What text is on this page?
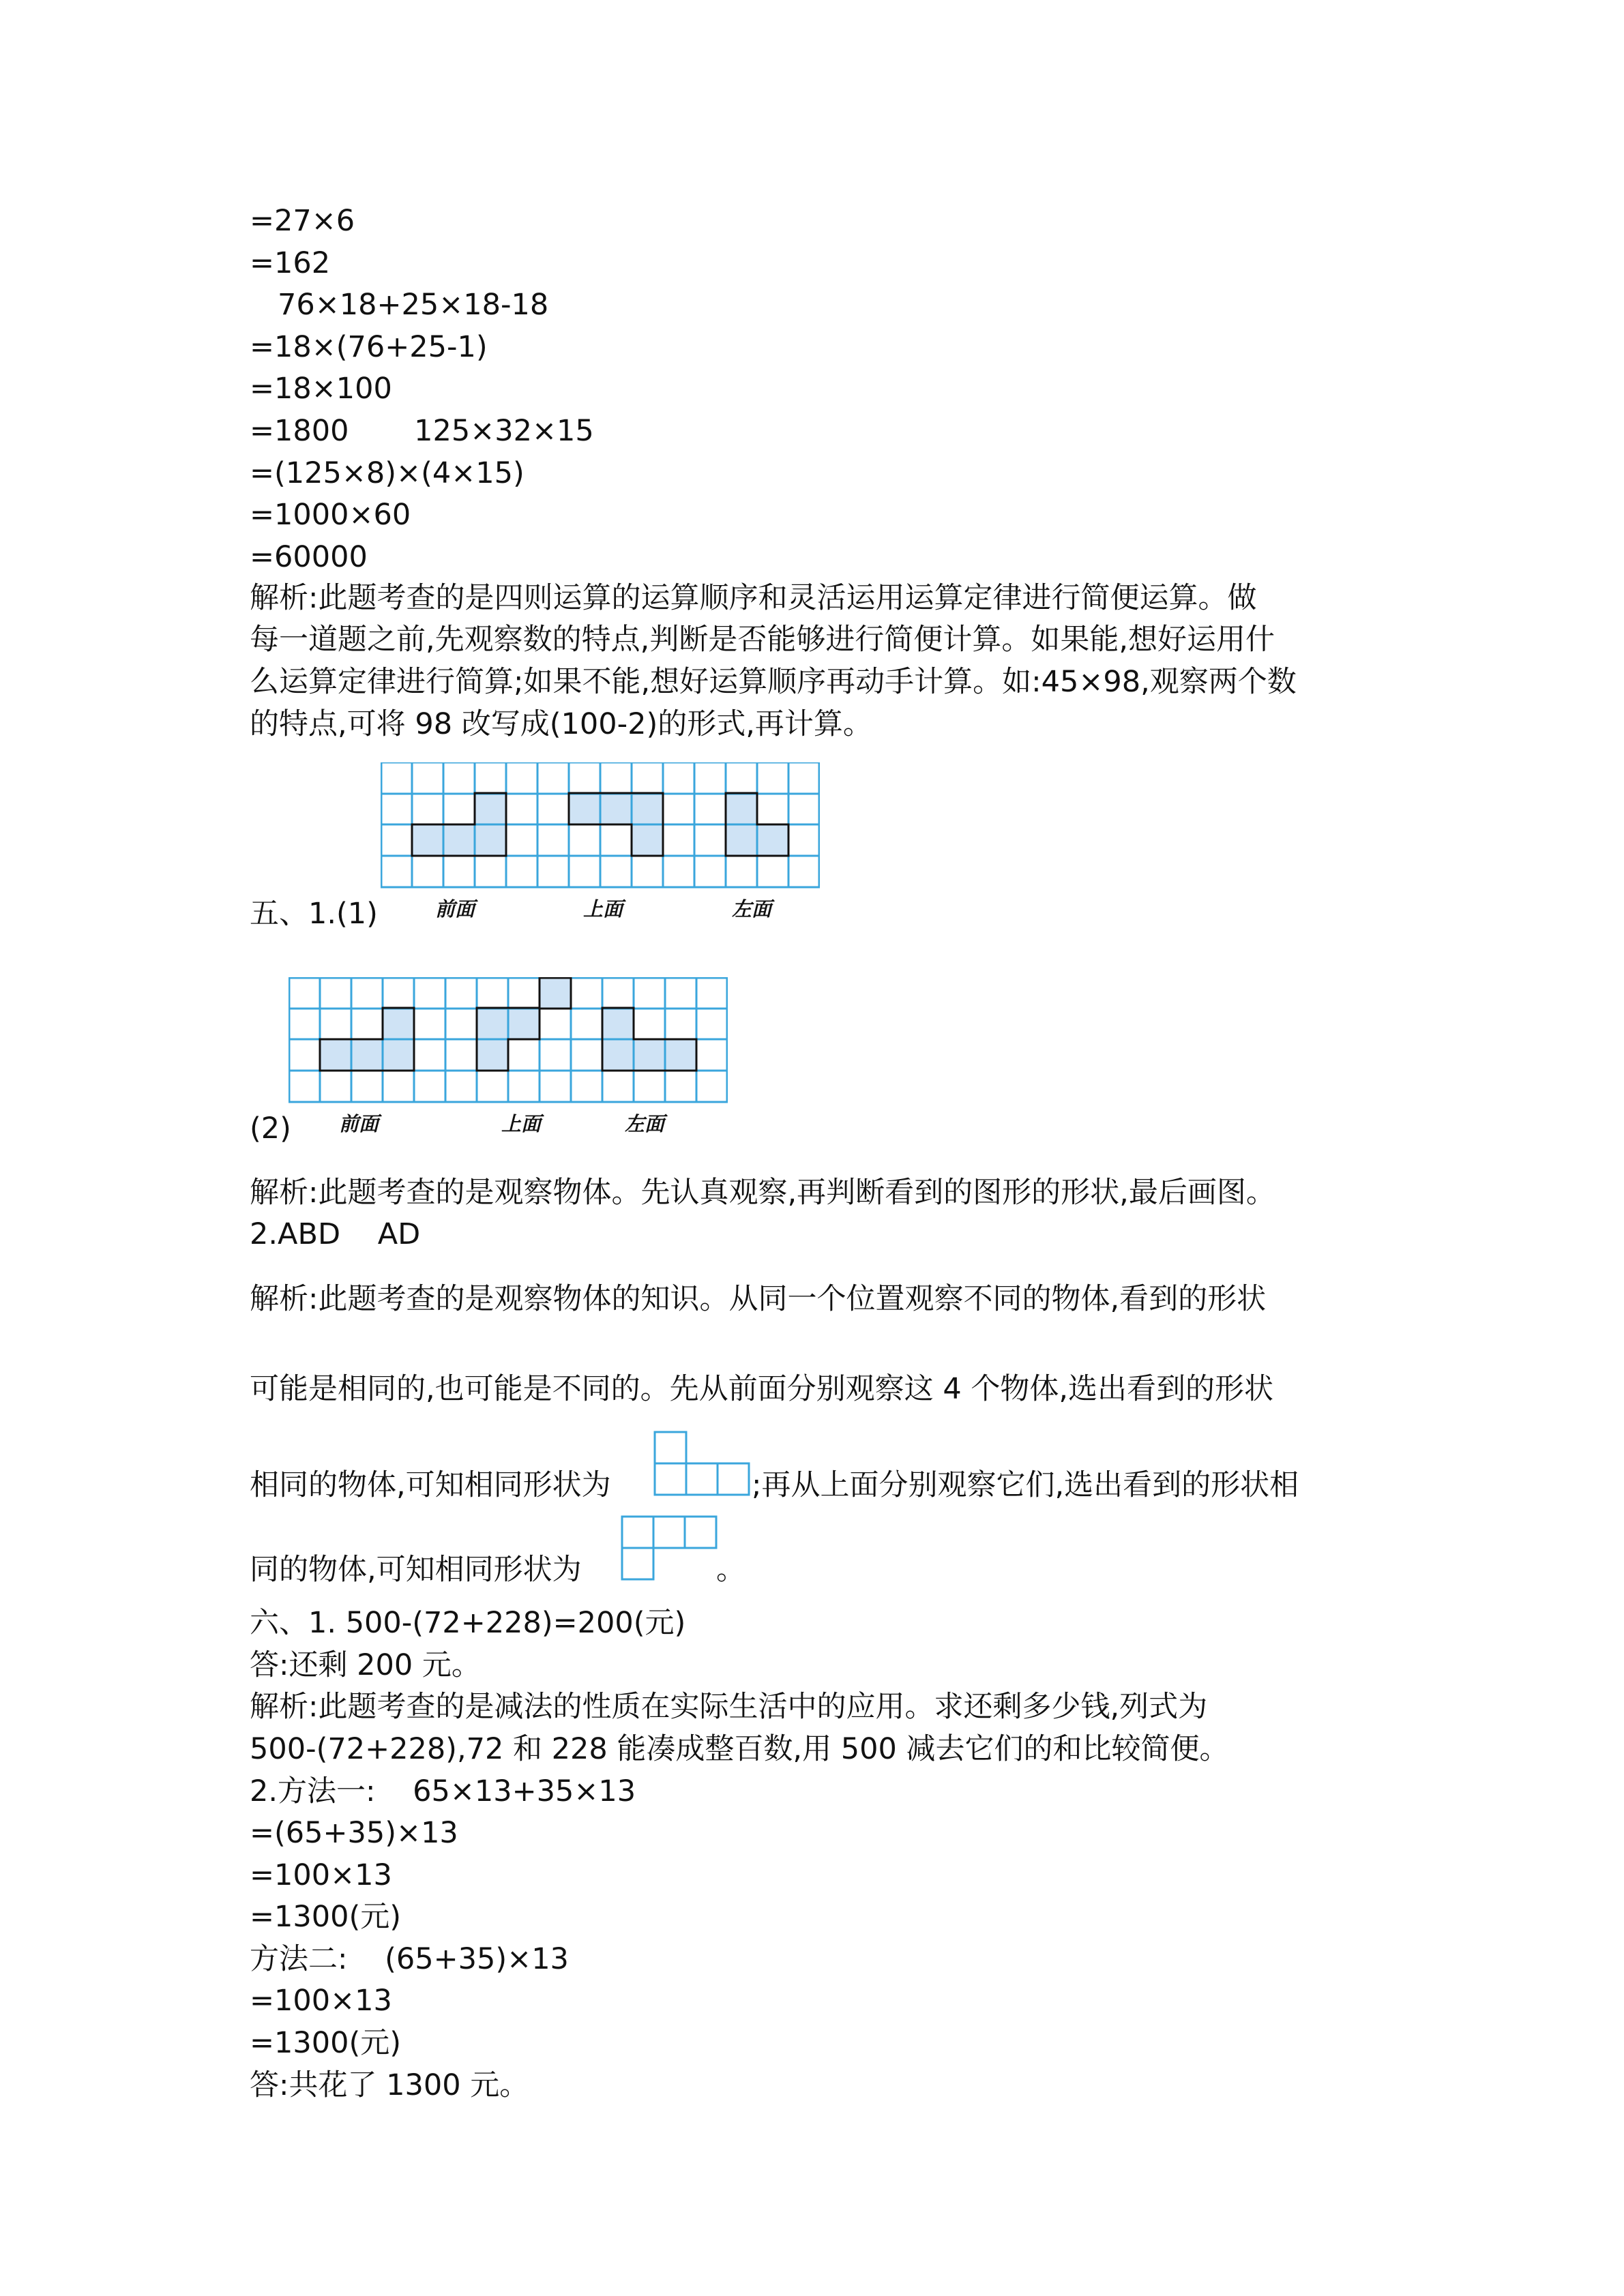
=27×6
=162
76×18+25×18-18
=18×(76+25-1)
=18×100
=1800       125×32×15
=(125×8)×(4×15)
=1000×60
=60000
解析:此题考查的是四则运算的运算顺序和灵活运用运算定律进行简便运算。做
每一道题之前,先观察数的特点,判断是否能够进行简便计算。如果能,想好运用什
么运算定律进行简算;如果不能,想好运算顺序再动手计算。如:45×98,观察两个数
的特点,可将 98 改写成(100-2)的形式,再计算。
五、1.(1)	前面	上面	左面
(2) 前面	上面	左面
解析:此题考查的是观察物体。先认真观察,再判断看到的图形的形状,最后画图。
2.ABD    AD
解析:此题考查的是观察物体的知识。从同一个位置观察不同的物体,看到的形状
可能是相同的,也可能是不同的。先从前面分别观察这 4 个物体,选出看到的形状
相同的物体,可知相同形状为	;再从上面分别观察它们,选出看到的形状相
同的物体,可知相同形状为	。
六、1. 500-(72+228)=200(元)
答:还剩 200 元。
解析:此题考查的是减法的性质在实际生活中的应用。求还剩多少钱,列式为
500-(72+228),72 和 228 能凑成整百数,用 500 减去它们的和比较简便。
2.方法一:    65×13+35×13
=(65+35)×13
=100×13
=1300(元)
方法二:    (65+35)×13
=100×13
=1300(元)
答:共花了 1300 元。
